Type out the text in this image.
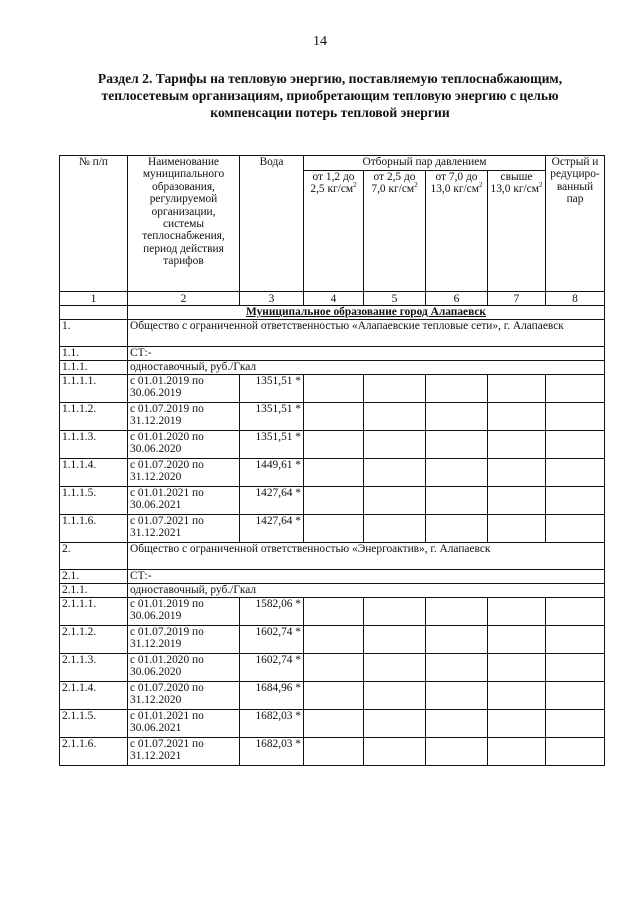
14
Раздел 2. Тарифы на тепловую энергию, поставляемую теплоснабжающим, теплосетевым организациям, приобретающим тепловую энергию с целью компенсации потерь тепловой энергии
№ п/п	Наименование муниципального образования, регулируемой организации, системы теплоснабжения, период действия тарифов	Вода	Отборный пар давлением				Острый и редуциро-ванный пар
			от 1,2 до 2,5 $кг/см^2$	от 2,5 до 7,0 $кг/см^2$	от 7,0 до 13,0 $кг/см^2$	свыше 13,0 $кг/см^2$
1	2	3	4	5	6	7	8
	Муниципальное образование город Алапаевск						
1.	Общество с ограниченной ответственностью «Алапаевские тепловые сети», г. Алапаевск						
1.1.	СТ:-						
1.1.1.	одноставочный, руб./Гкал						
1.1.1.1.	с 01.01.2019 по 30.06.2019	1351,51 *					
1.1.1.2.	с 01.07.2019 по 31.12.2019	1351,51 *					
1.1.1.3.	с 01.01.2020 по 30.06.2020	1351,51 *					
1.1.1.4.	с 01.07.2020 по 31.12.2020	1449,61 *					
1.1.1.5.	с 01.01.2021 по 30.06.2021	1427,64 *					
1.1.1.6.	с 01.07.2021 по 31.12.2021	1427,64 *					
2.	Общество с ограниченной ответственностью «Энергоактив», г. Алапаевск						
2.1.	СТ:-						
2.1.1.	одноставочный, руб./Гкал						
2.1.1.1.	с 01.01.2019 по 30.06.2019	1582,06 *					
2.1.1.2.	с 01.07.2019 по 31.12.2019	1602,74 *					
2.1.1.3.	с 01.01.2020 по 30.06.2020	1602,74 *					
2.1.1.4.	с 01.07.2020 по 31.12.2020	1684,96 *					
2.1.1.5.	с 01.01.2021 по 30.06.2021	1682,03 *					
2.1.1.6.	с 01.07.2021 по 31.12.2021	1682,03 *					
